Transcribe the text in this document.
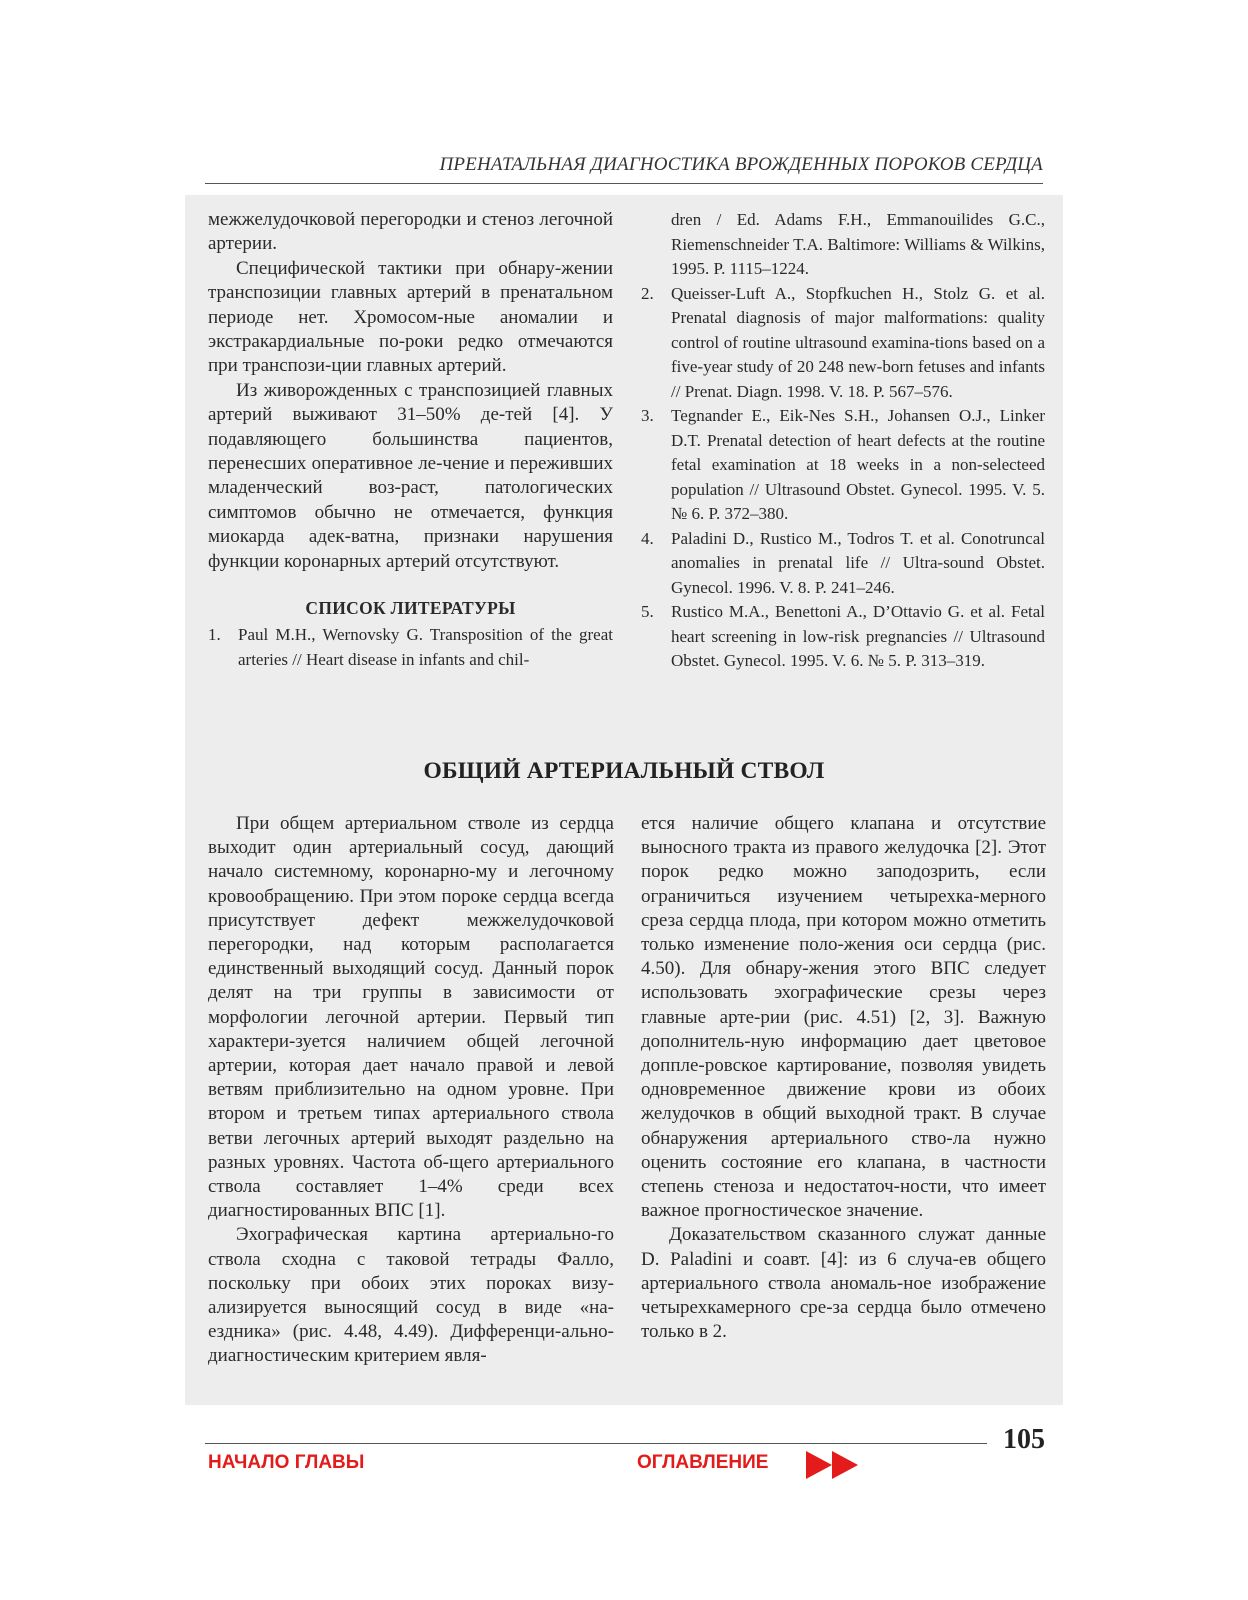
ПРЕНАТАЛЬНАЯ ДИАГНОСТИКА ВРОЖДЕННЫХ ПОРОКОВ СЕРДЦА

межжелудочковой перегородки и стеноз легочной артерии.

Специфической тактики при обнару-жении транспозиции главных артерий в пренатальном периоде нет. Хромосом-ные аномалии и экстракардиальные по-роки редко отмечаются при транспози-ции главных артерий.

Из живорожденных с транспозицией главных артерий выживают 31–50% де-тей [4]. У подавляющего большинства пациентов, перенесших оперативное ле-чение и переживших младенческий воз-раст, патологических симптомов обычно не отмечается, функция миокарда адек-ватна, признаки нарушения функции коронарных артерий отсутствуют.

СПИСОК ЛИТЕРАТУРЫ
1.	Paul M.H., Wernovsky G. Transposition of the great arteries // Heart disease in infants and chil-
dren / Ed. Adams F.H., Emmanouilides G.C., Riemenschneider T.A. Baltimore: Williams & Wilkins, 1995. P. 1115–1224.
2.	Queisser-Luft A., Stopfkuchen H., Stolz G. et al. Prenatal diagnosis of major malformations: quality control of routine ultrasound examina-tions based on a five-year study of 20 248 new-born fetuses and infants // Prenat. Diagn. 1998. V. 18. P. 567–576.
3.	Tegnander E., Eik-Nes S.H., Johansen O.J., Linker D.T. Prenatal detection of heart defects at the routine fetal examination at 18 weeks in a non-selecteed population // Ultrasound Obstet. Gynecol. 1995. V. 5. № 6. P. 372–380.
4.	Paladini D., Rustico M., Todros T. et al. Conotruncal anomalies in prenatal life // Ultra-sound Obstet. Gynecol. 1996. V. 8. P. 241–246.
5.	Rustico M.A., Benettoni A., D’Ottavio G. et al. Fetal heart screening in low-risk pregnancies // Ultrasound Obstet. Gynecol. 1995. V. 6. № 5. P. 313–319.
ОБЩИЙ АРТЕРИАЛЬНЫЙ СТВОЛ

При общем артериальном стволе из сердца выходит один артериальный сосуд, дающий начало системному, коронарно-му и легочному кровообращению. При этом пороке сердца всегда присутствует дефект межжелудочковой перегородки, над которым располагается единственный выходящий сосуд. Данный порок делят на три группы в зависимости от морфологии легочной артерии. Первый тип характери-зуется наличием общей легочной артерии, которая дает начало правой и левой ветвям приблизительно на одном уровне. При втором и третьем типах артериального ствола ветви легочных артерий выходят раздельно на разных уровнях. Частота об-щего артериального ствола составляет 1–4% среди всех диагностированных ВПС [1].

Эхографическая картина артериально-го ствола сходна с таковой тетрады Фалло, поскольку при обоих этих пороках визу-ализируется выносящий сосуд в виде «на-ездника» (рис. 4.48, 4.49). Дифференци-ально-диагностическим критерием явля-

ется наличие общего клапана и отсутствие выносного тракта из правого желудочка [2]. Этот порок редко можно заподозрить, если ограничиться изучением четырехка-мерного среза сердца плода, при котором можно отметить только изменение поло-жения оси сердца (рис. 4.50). Для обнару-жения этого ВПС следует использовать эхографические срезы через главные арте-рии (рис. 4.51) [2, 3]. Важную дополнитель-ную информацию дает цветовое доппле-ровское картирование, позволяя увидеть одновременное движение крови из обоих желудочков в общий выходной тракт. В случае обнаружения артериального ство-ла нужно оценить состояние его клапана, в частности степень стеноза и недостаточ-ности, что имеет важное прогностическое значение.

Доказательством сказанного служат данные D. Paladini и соавт. [4]: из 6 случа-ев общего артериального ствола аномаль-ное изображение четырехкамерного сре-за сердца было отмечено только в 2.

105
НАЧАЛО ГЛАВЫ	ОГЛАВЛЕНИЕ
